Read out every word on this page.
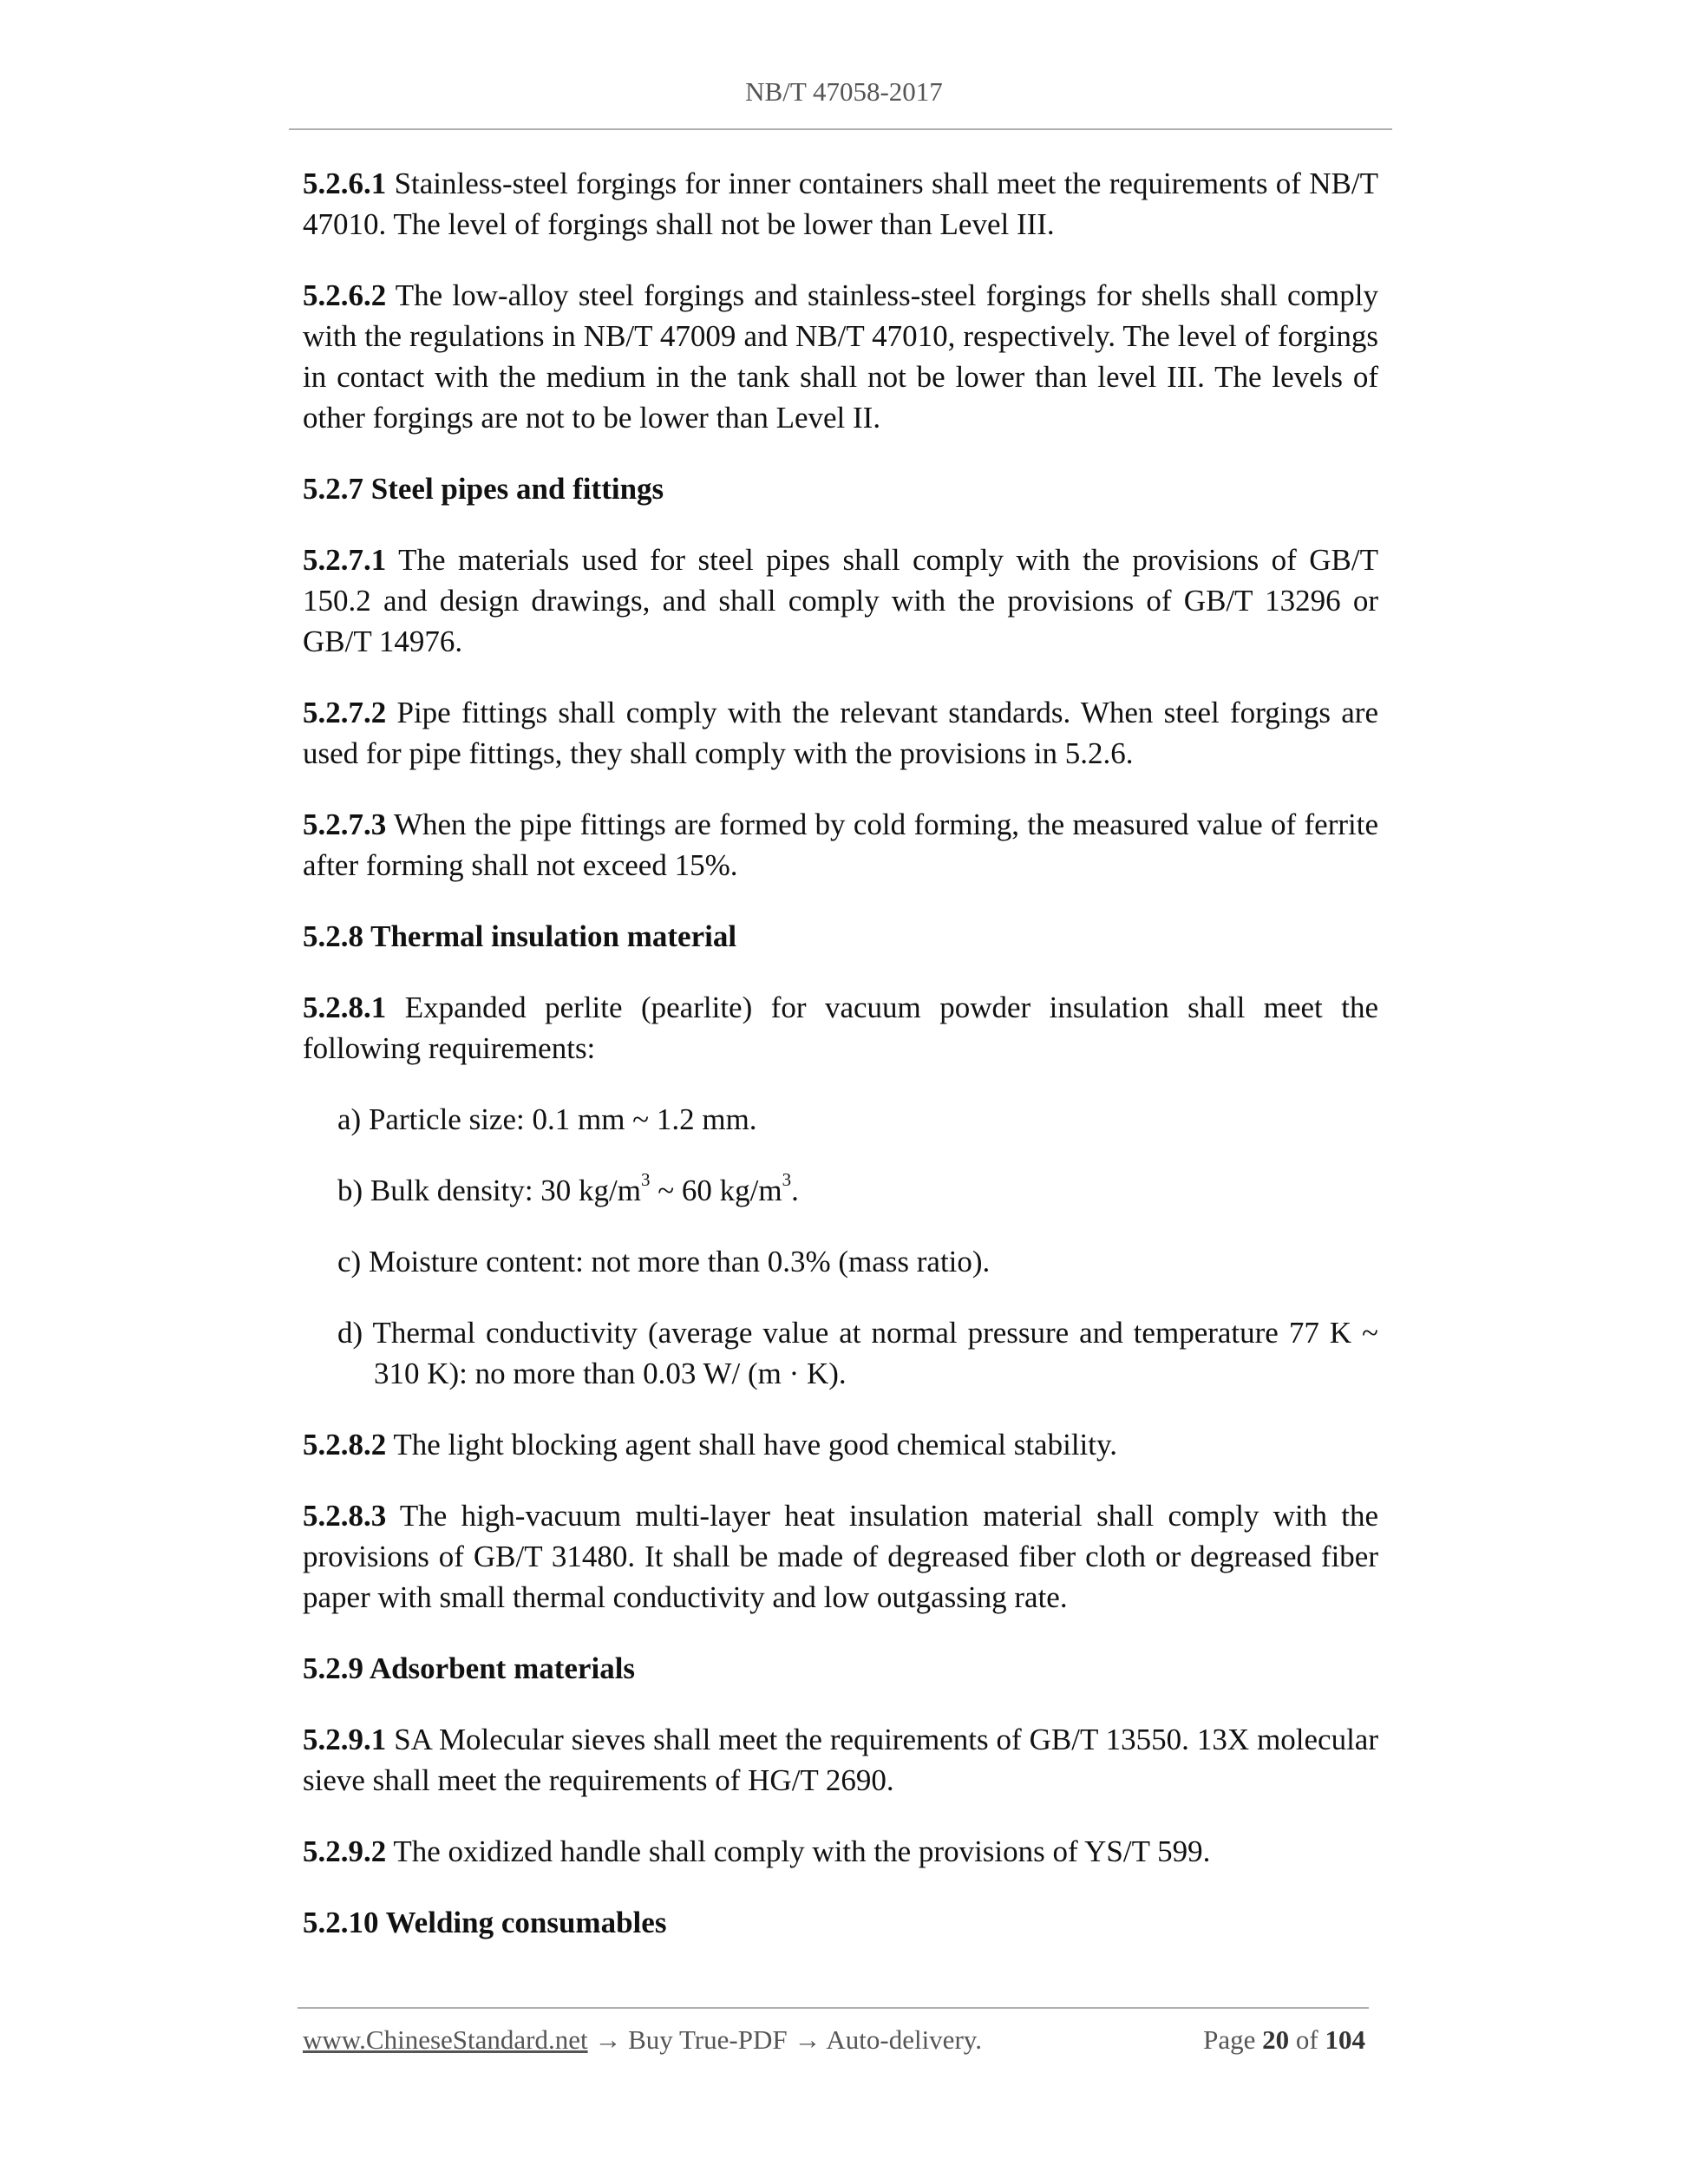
NB/T 47058-2017

5.2.6.1 Stainless-steel forgings for inner containers shall meet the requirements of NB/T 47010. The level of forgings shall not be lower than Level III.

5.2.6.2 The low-alloy steel forgings and stainless-steel forgings for shells shall comply with the regulations in NB/T 47009 and NB/T 47010, respectively. The level of forgings in contact with the medium in the tank shall not be lower than level III. The levels of other forgings are not to be lower than Level II.

5.2.7 Steel pipes and fittings

5.2.7.1 The materials used for steel pipes shall comply with the provisions of GB/T 150.2 and design drawings, and shall comply with the provisions of GB/T 13296 or GB/T 14976.

5.2.7.2 Pipe fittings shall comply with the relevant standards. When steel forgings are used for pipe fittings, they shall comply with the provisions in 5.2.6.

5.2.7.3 When the pipe fittings are formed by cold forming, the measured value of ferrite after forming shall not exceed 15%.

5.2.8 Thermal insulation material

5.2.8.1 Expanded perlite (pearlite) for vacuum powder insulation shall meet the following requirements:

a) Particle size: 0.1 mm ~ 1.2 mm.
b) Bulk density: 30 $kg/m^3$ ~ 60 $kg/m^3$.
c) Moisture content: not more than 0.3% (mass ratio).
d) Thermal conductivity (average value at normal pressure and temperature 77 K ~ 310 K): no more than 0.03 W/ (m · K).

5.2.8.2 The light blocking agent shall have good chemical stability.

5.2.8.3 The high-vacuum multi-layer heat insulation material shall comply with the provisions of GB/T 31480. It shall be made of degreased fiber cloth or degreased fiber paper with small thermal conductivity and low outgassing rate.

5.2.9 Adsorbent materials

5.2.9.1 SA Molecular sieves shall meet the requirements of GB/T 13550. 13X molecular sieve shall meet the requirements of HG/T 2690.

5.2.9.2 The oxidized handle shall comply with the provisions of YS/T 599.

5.2.10 Welding consumables
www.ChineseStandard.net → Buy True-PDF → Auto-delivery.	Page 20 of 104
